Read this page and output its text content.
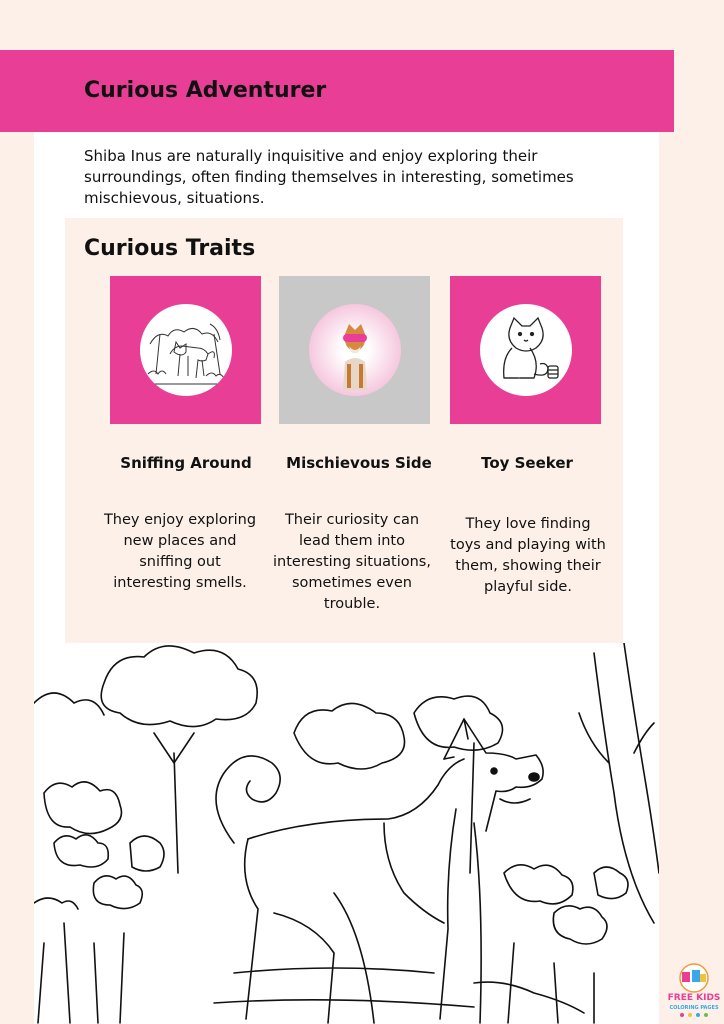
Curious Adventurer
Shiba Inus are naturally inquisitive and enjoy exploring their surroundings, often finding themselves in interesting, sometimes mischievous, situations.
Curious Traits
Sniffing Around
They enjoy exploring new places and sniffing out interesting smells.
Mischievous Side
Their curiosity can lead them into interesting situations, sometimes even trouble.
Toy Seeker
They love finding toys and playing with them, showing their playful side.
FREE KIDS
COLORING PAGES
